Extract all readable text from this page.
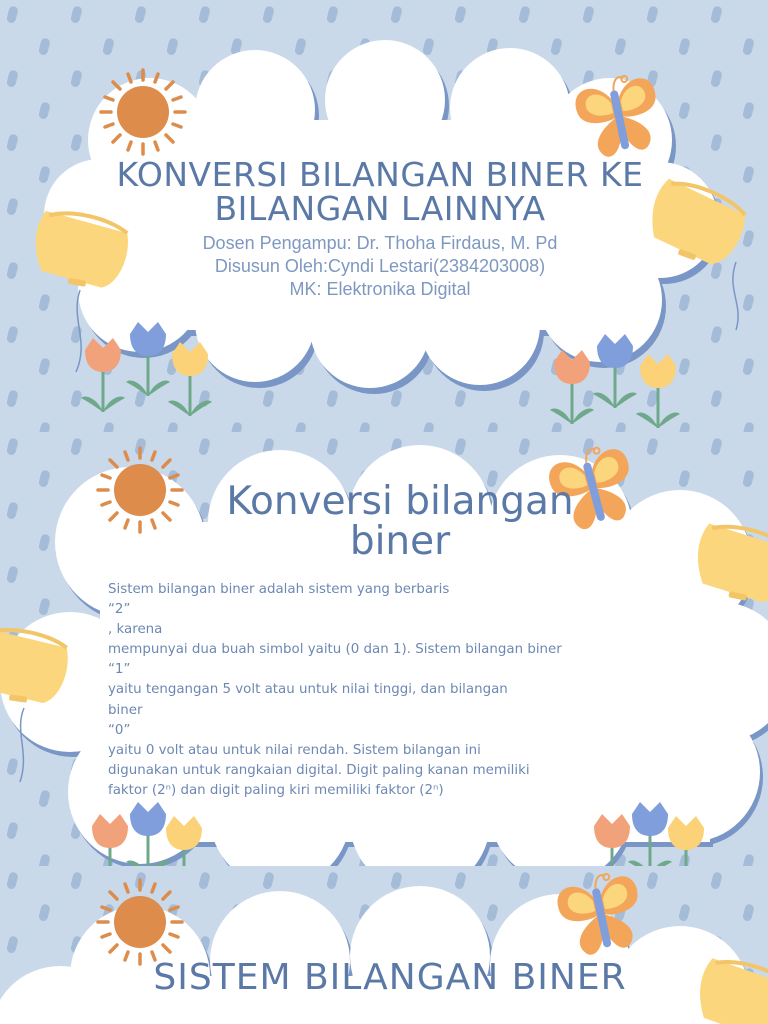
KONVERSI BILANGAN BINER KE
BILANGAN LAINNYA
Dosen Pengampu: Dr. Thoha Firdaus, M. Pd
Disusun Oleh:Cyndi Lestari(2384203008)
MK: Elektronika Digital
Konversi bilangan
biner
Sistem bilangan biner adalah sistem yang berbaris
“2”
, karena
mempunyai dua buah simbol yaitu (0 dan 1). Sistem bilangan biner
“1”
yaitu tengangan 5 volt atau untuk nilai tinggi, dan bilangan
biner
“0”
yaitu 0 volt atau untuk nilai rendah. Sistem bilangan ini
digunakan untuk rangkaian digital. Digit paling kanan memiliki
faktor (2ⁿ) dan digit paling kiri memiliki faktor (2ⁿ)
SISTEM BILANGAN BINER
